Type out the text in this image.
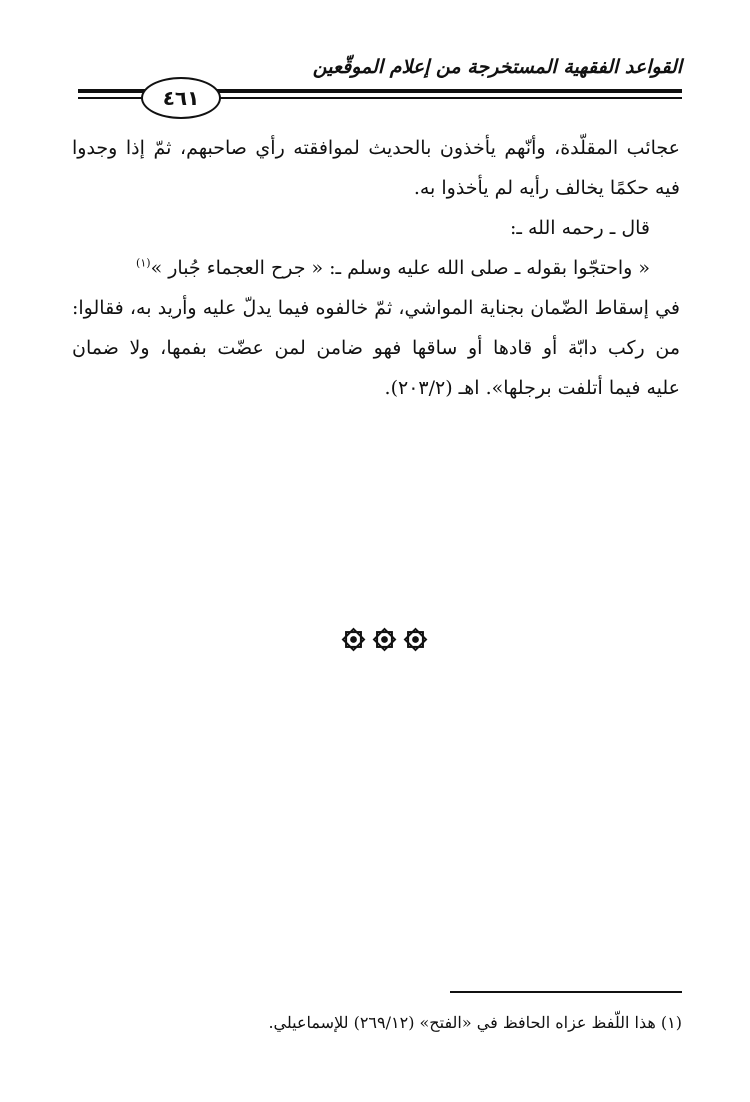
القواعد الفقهية المستخرجة من إعلام الموقّعين
٤٦١
عجائب المقلّدة، وأنّهم يأخذون بالحديث لموافقته رأي صاحبهم، ثمّ إذا وجدوا
فيه حكمًا يخالف رأيه لم يأخذوا به.
قال ـ رحمه الله ـ:
« واحتجّوا بقوله ـ صلى الله عليه وسلم ـ: « جرح العجماء جُبار »$^{(١)}$
في إسقاط الضّمان بجناية المواشي، ثمّ خالفوه فيما يدلّ عليه وأريد به، فقالوا:
من ركب دابّة أو قادها أو ساقها فهو ضامن لمن عضّت بفمها، ولا ضمان
عليه فيما أتلفت برجلها». اهـ (٢٠٣/٢).
(١) هذا اللّفظ عزاه الحافظ في «الفتح» (٢٦٩/١٢) للإسماعيلي.
